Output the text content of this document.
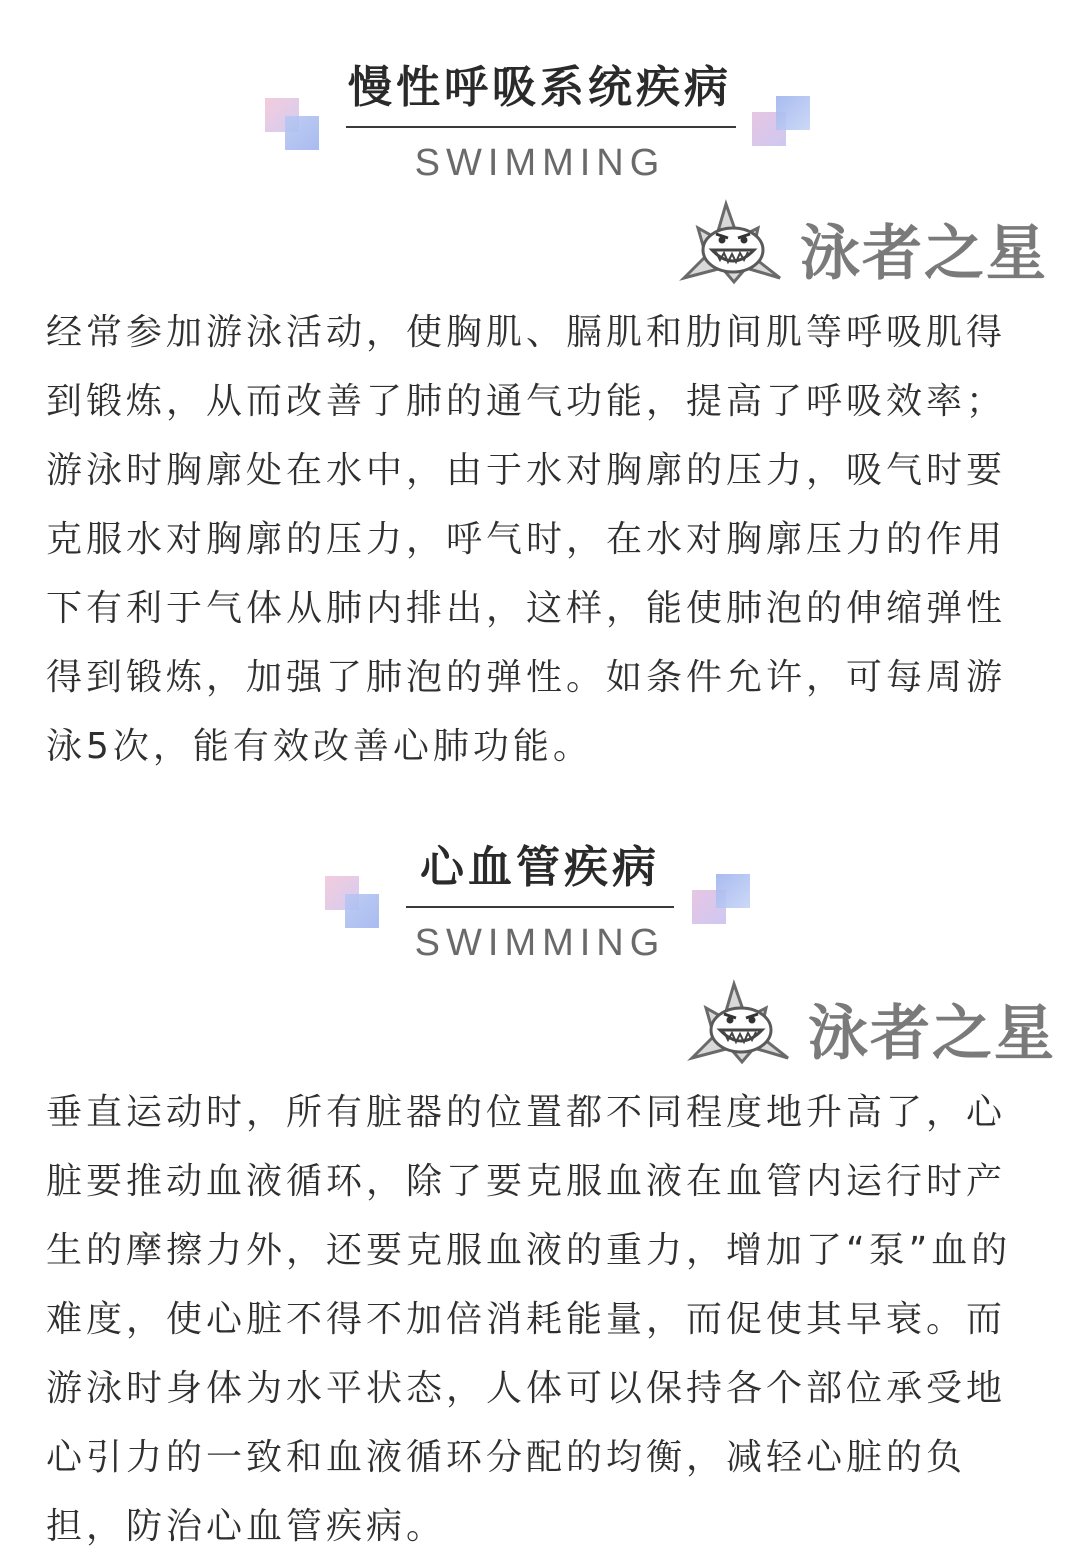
慢性呼吸系统疾病
SWIMMING
泳者之星

经常参加游泳活动，使胸肌、膈肌和肋间肌等呼吸肌得到锻炼，从而改善了肺的通气功能，提高了呼吸效率；游泳时胸廓处在水中，由于水对胸廓的压力，吸气时要克服水对胸廓的压力，呼气时，在水对胸廓压力的作用下有利于气体从肺内排出，这样，能使肺泡的伸缩弹性得到锻炼，加强了肺泡的弹性。如条件允许，可每周游泳5次，能有效改善心肺功能。

心血管疾病
SWIMMING
泳者之星

垂直运动时，所有脏器的位置都不同程度地升高了，心脏要推动血液循环，除了要克服血液在血管内运行时产生的摩擦力外，还要克服血液的重力，增加了“泵”血的难度，使心脏不得不加倍消耗能量，而促使其早衰。而游泳时身体为水平状态，人体可以保持各个部位承受地心引力的一致和血液循环分配的均衡，减轻心脏的负担，防治心血管疾病。
